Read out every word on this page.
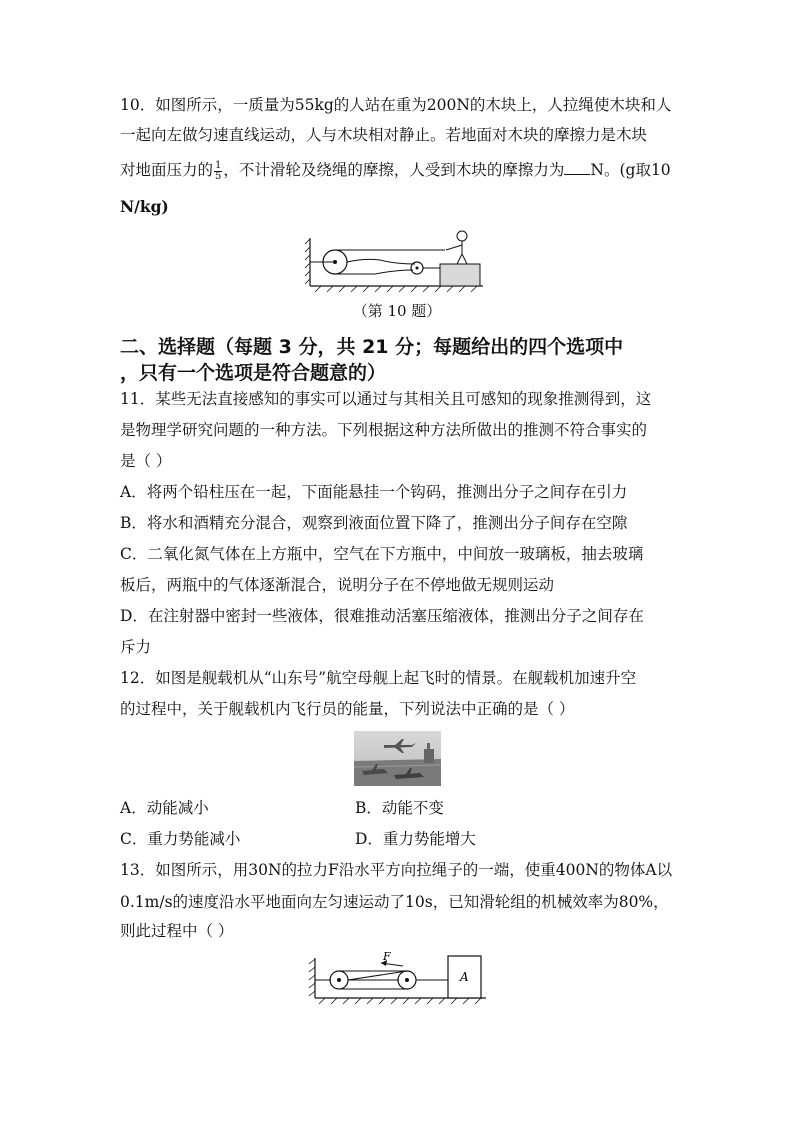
10．如图所示，一质量为55kg的人站在重为200N的木块上，人拉绳使木块和人
一起向左做匀速直线运动，人与木块相对静止。若地面对木块的摩擦力是木块
对地面压力的 $\frac{1}{5}$ ，不计滑轮及绕绳的摩擦，人受到木块的摩擦力为 N。(g取10
N/kg)
（第 10 题）
二、选择题（每题 3 分，共 21 分；每题给出的四个选项中
，只有一个选项是符合题意的）
11．某些无法直接感知的事实可以通过与其相关且可感知的现象推测得到，这
是物理学研究问题的一种方法。下列根据这种方法所做出的推测不符合事实的
是（ ）
A．将两个铅柱压在一起，下面能悬挂一个钩码，推测出分子之间存在引力
B．将水和酒精充分混合，观察到液面位置下降了，推测出分子间存在空隙
C．二氧化氮气体在上方瓶中，空气在下方瓶中，中间放一玻璃板，抽去玻璃
板后，两瓶中的气体逐渐混合，说明分子在不停地做无规则运动
D．在注射器中密封一些液体，很难推动活塞压缩液体，推测出分子之间存在
斥力
12．如图是舰载机从“山东号”航空母舰上起飞时的情景。在舰载机加速升空
的过程中，关于舰载机内飞行员的能量，下列说法中正确的是（ ）
A．动能减小	B．动能不变
C．重力势能减小	D．重力势能增大
13．如图所示，用30N的拉力F沿水平方向拉绳子的一端，使重400N的物体A以
0.1m/s的速度沿水平地面向左匀速运动了10s，已知滑轮组的机械效率为80%，
则此过程中（ ）
F
A
